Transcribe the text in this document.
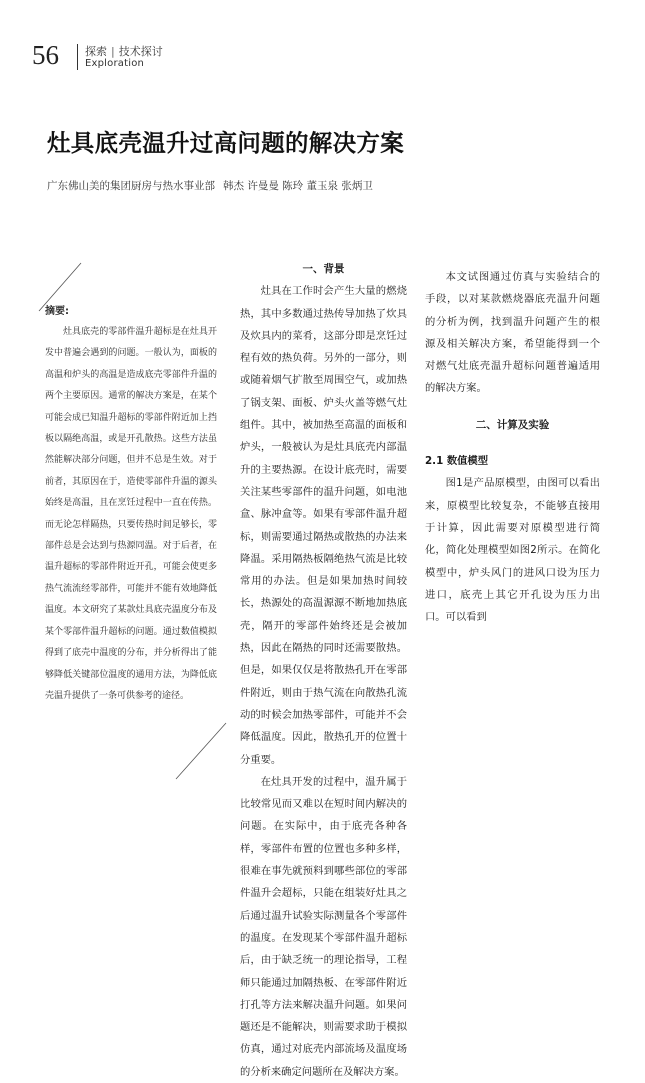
56 探索 | 技术探讨
Exploration
灶具底壳温升过高问题的解决方案
广东佛山美的集团厨房与热水事业部 韩杰 许曼曼 陈玲 董玉泉 张炳卫
摘要:

灶具底壳的零部件温升超标是在灶具开发中普遍会遇到的问题。一般认为，面板的高温和炉头的高温是造成底壳零部件升温的两个主要原因。通常的解决方案是，在某个可能会成已知温升超标的零部件附近加上挡板以隔绝高温，或是开孔散热。这些方法虽然能解决部分问题，但并不总是生效。对于前者，其原因在于，造使零部件升温的源头始终是高温，且在烹饪过程中一直在传热。而无论怎样隔热，只要传热时间足够长，零部件总是会达到与热源同温。对于后者，在温升超标的零部件附近开孔，可能会使更多热气流流经零部件，可能并不能有效地降低温度。本文研究了某款灶具底壳温度分布及某个零部件温升超标的问题。通过数值模拟得到了底壳中温度的分布，并分析得出了能够降低关键部位温度的通用方法，为降低底壳温升提供了一条可供参考的途径。

一、背景

灶具在工作时会产生大量的燃烧热，其中多数通过热传导加热了炊具及炊具内的菜肴，这部分即是烹饪过程有效的热负荷。另外的一部分，则或随着烟气扩散至周围空气，或加热了锅支架、面板、炉头火盖等燃气灶组件。其中，被加热至高温的面板和炉头，一般被认为是灶具底壳内部温升的主要热源。在设计底壳时，需要关注某些零部件的温升问题，如电池盒、脉冲盒等。如果有零部件温升超标，则需要通过隔热或散热的办法来降温。采用隔热板隔绝热气流是比较常用的办法。但是如果加热时间较长，热源处的高温源源不断地加热底壳，隔开的零部件始终还是会被加热，因此在隔热的同时还需要散热。但是，如果仅仅是将散热孔开在零部件附近，则由于热气流在向散热孔流动的时候会加热零部件，可能并不会降低温度。因此，散热孔开的位置十分重要。

在灶具开发的过程中，温升属于比较常见而又难以在短时间内解决的问题。在实际中，由于底壳各种各样，零部件布置的位置也多种多样，很难在事先就预料到哪些部位的零部件温升会超标，只能在组装好灶具之后通过温升试验实际测量各个零部件的温度。在发现某个零部件温升超标后，由于缺乏统一的理论指导，工程师只能通过加隔热板、在零部件附近打孔等方法来解决温升问题。如果问题还是不能解决，则需要求助于模拟仿真，通过对底壳内部流场及温度场的分析来确定问题所在及解决方案。

本文试图通过仿真与实验结合的手段，以对某款燃烧器底壳温升问题的分析为例，找到温升问题产生的根源及相关解决方案，希望能得到一个对燃气灶底壳温升超标问题普遍适用的解决方案。

二、计算及实验
2.1 数值模型

图1是产品原模型，由图可以看出来，原模型比较复杂，不能够直接用于计算，因此需要对原模型进行简化，简化处理模型如图2所示。在简化模型中，炉头风门的进风口设为压力进口，底壳上其它开孔设为压力出口。可以看到
